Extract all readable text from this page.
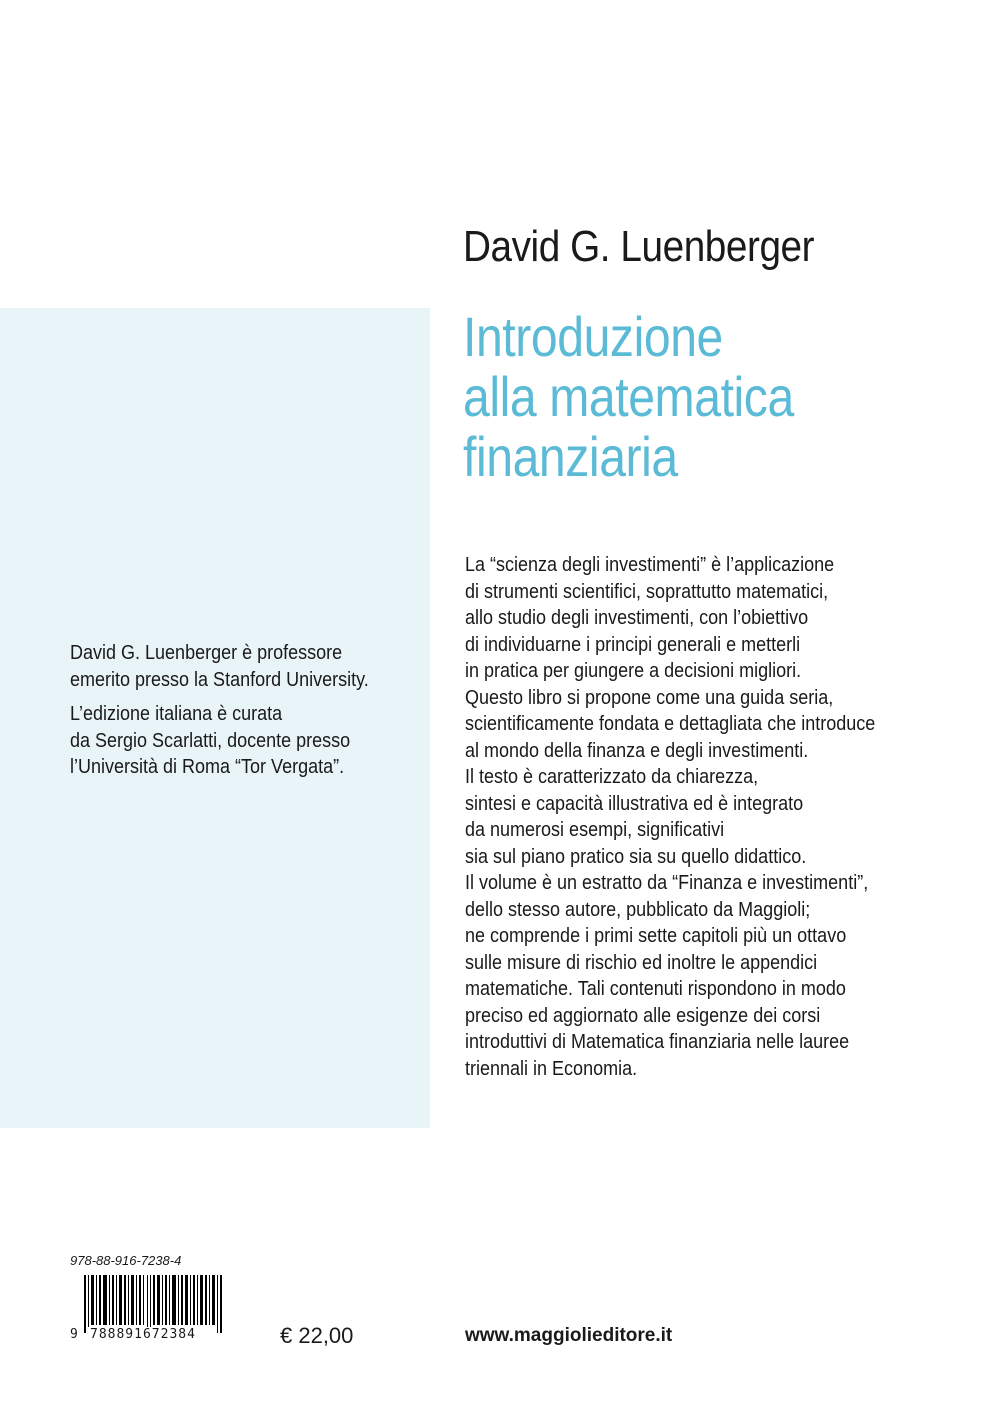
David G. Luenberger
Introduzione
alla matematica
finanziaria
La “scienza degli investimenti” è l’applicazione
di strumenti scientifici, soprattutto matematici,
allo studio degli investimenti, con l’obiettivo
di individuarne i principi generali e metterli
in pratica per giungere a decisioni migliori.
Questo libro si propone come una guida seria,
scientificamente fondata e dettagliata che introduce
al mondo della finanza e degli investimenti.
Il testo è caratterizzato da chiarezza,
sintesi e capacità illustrativa ed è integrato
da numerosi esempi, significativi
sia sul piano pratico sia su quello didattico.
Il volume è un estratto da “Finanza e investimenti”,
dello stesso autore, pubblicato da Maggioli;
ne comprende i primi sette capitoli più un ottavo
sulle misure di rischio ed inoltre le appendici
matematiche. Tali contenuti rispondono in modo
preciso ed aggiornato alle esigenze dei corsi
introduttivi di Matematica finanziaria nelle lauree
triennali in Economia.

David G. Luenberger è professore
emerito presso la Stanford University.

L’edizione italiana è curata
da Sergio Scarlatti, docente presso
l’Università di Roma “Tor Vergata”.

978-88-916-7238-4
9 788891672384	€ 22,00	www.maggiolieditore.it
